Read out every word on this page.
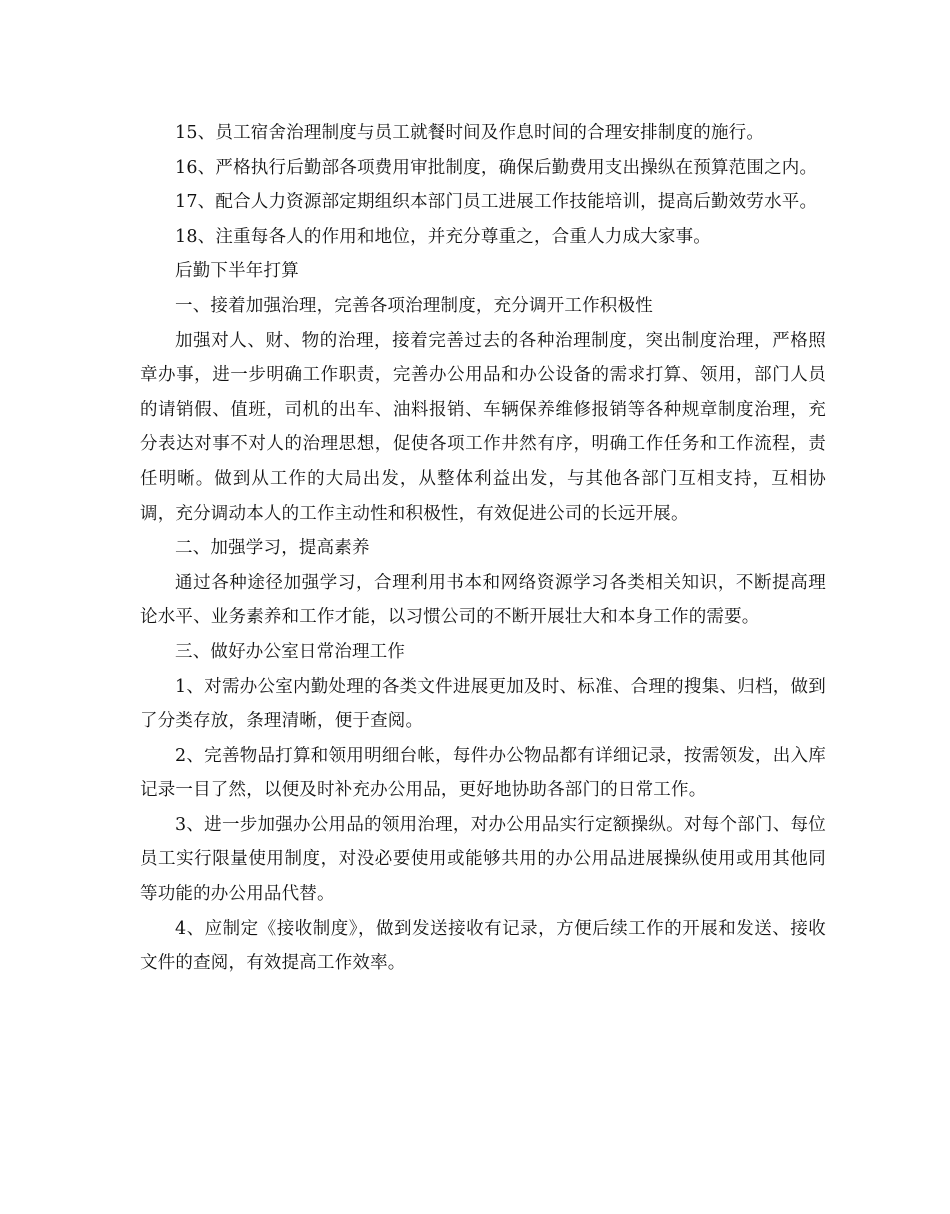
15、员工宿舍治理制度与员工就餐时间及作息时间的合理安排制度的施行。

16、严格执行后勤部各项费用审批制度，确保后勤费用支出操纵在预算范围之内。

17、配合人力资源部定期组织本部门员工进展工作技能培训，提高后勤效劳水平。

18、注重每各人的作用和地位，并充分尊重之，合重人力成大家事。

后勤下半年打算

一、接着加强治理，完善各项治理制度，充分调开工作积极性

加强对人、财、物的治理，接着完善过去的各种治理制度，突出制度治理，严格照章办事，进一步明确工作职责，完善办公用品和办公设备的需求打算、领用，部门人员的请销假、值班，司机的出车、油料报销、车辆保养维修报销等各种规章制度治理，充分表达对事不对人的治理思想，促使各项工作井然有序，明确工作任务和工作流程，责任明晰。做到从工作的大局出发，从整体利益出发，与其他各部门互相支持，互相协调，充分调动本人的工作主动性和积极性，有效促进公司的长远开展。

二、加强学习，提高素养

通过各种途径加强学习，合理利用书本和网络资源学习各类相关知识，不断提高理论水平、业务素养和工作才能，以习惯公司的不断开展壮大和本身工作的需要。

三、做好办公室日常治理工作

1、对需办公室内勤处理的各类文件进展更加及时、标准、合理的搜集、归档，做到了分类存放，条理清晰，便于查阅。

2、完善物品打算和领用明细台帐，每件办公物品都有详细记录，按需领发，出入库记录一目了然，以便及时补充办公用品，更好地协助各部门的日常工作。

3、进一步加强办公用品的领用治理，对办公用品实行定额操纵。对每个部门、每位员工实行限量使用制度，对没必要使用或能够共用的办公用品进展操纵使用或用其他同等功能的办公用品代替。

4、应制定《接收制度》，做到发送接收有记录，方便后续工作的开展和发送、接收文件的查阅，有效提高工作效率。
